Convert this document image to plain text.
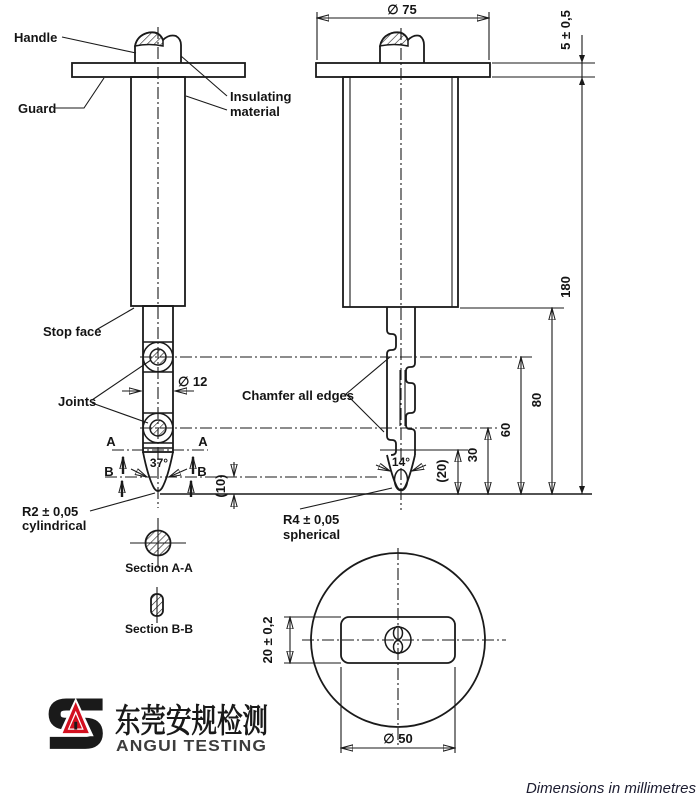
37°
A	A
B	B
∅ 12
(10)
Handle
Guard
Insulating
material
Stop face
Joints
R2 ± 0,05
cylindrical
Section A-A
Section B-B
∅ 75
14°
Chamfer all edges
R4 ± 0,05
spherical
80
60
30
(20)
5 ± 0,5
180
20 ± 0,2
∅ 50
东莞安规检测
ANGUI TESTING
Dimensions in millimetres
